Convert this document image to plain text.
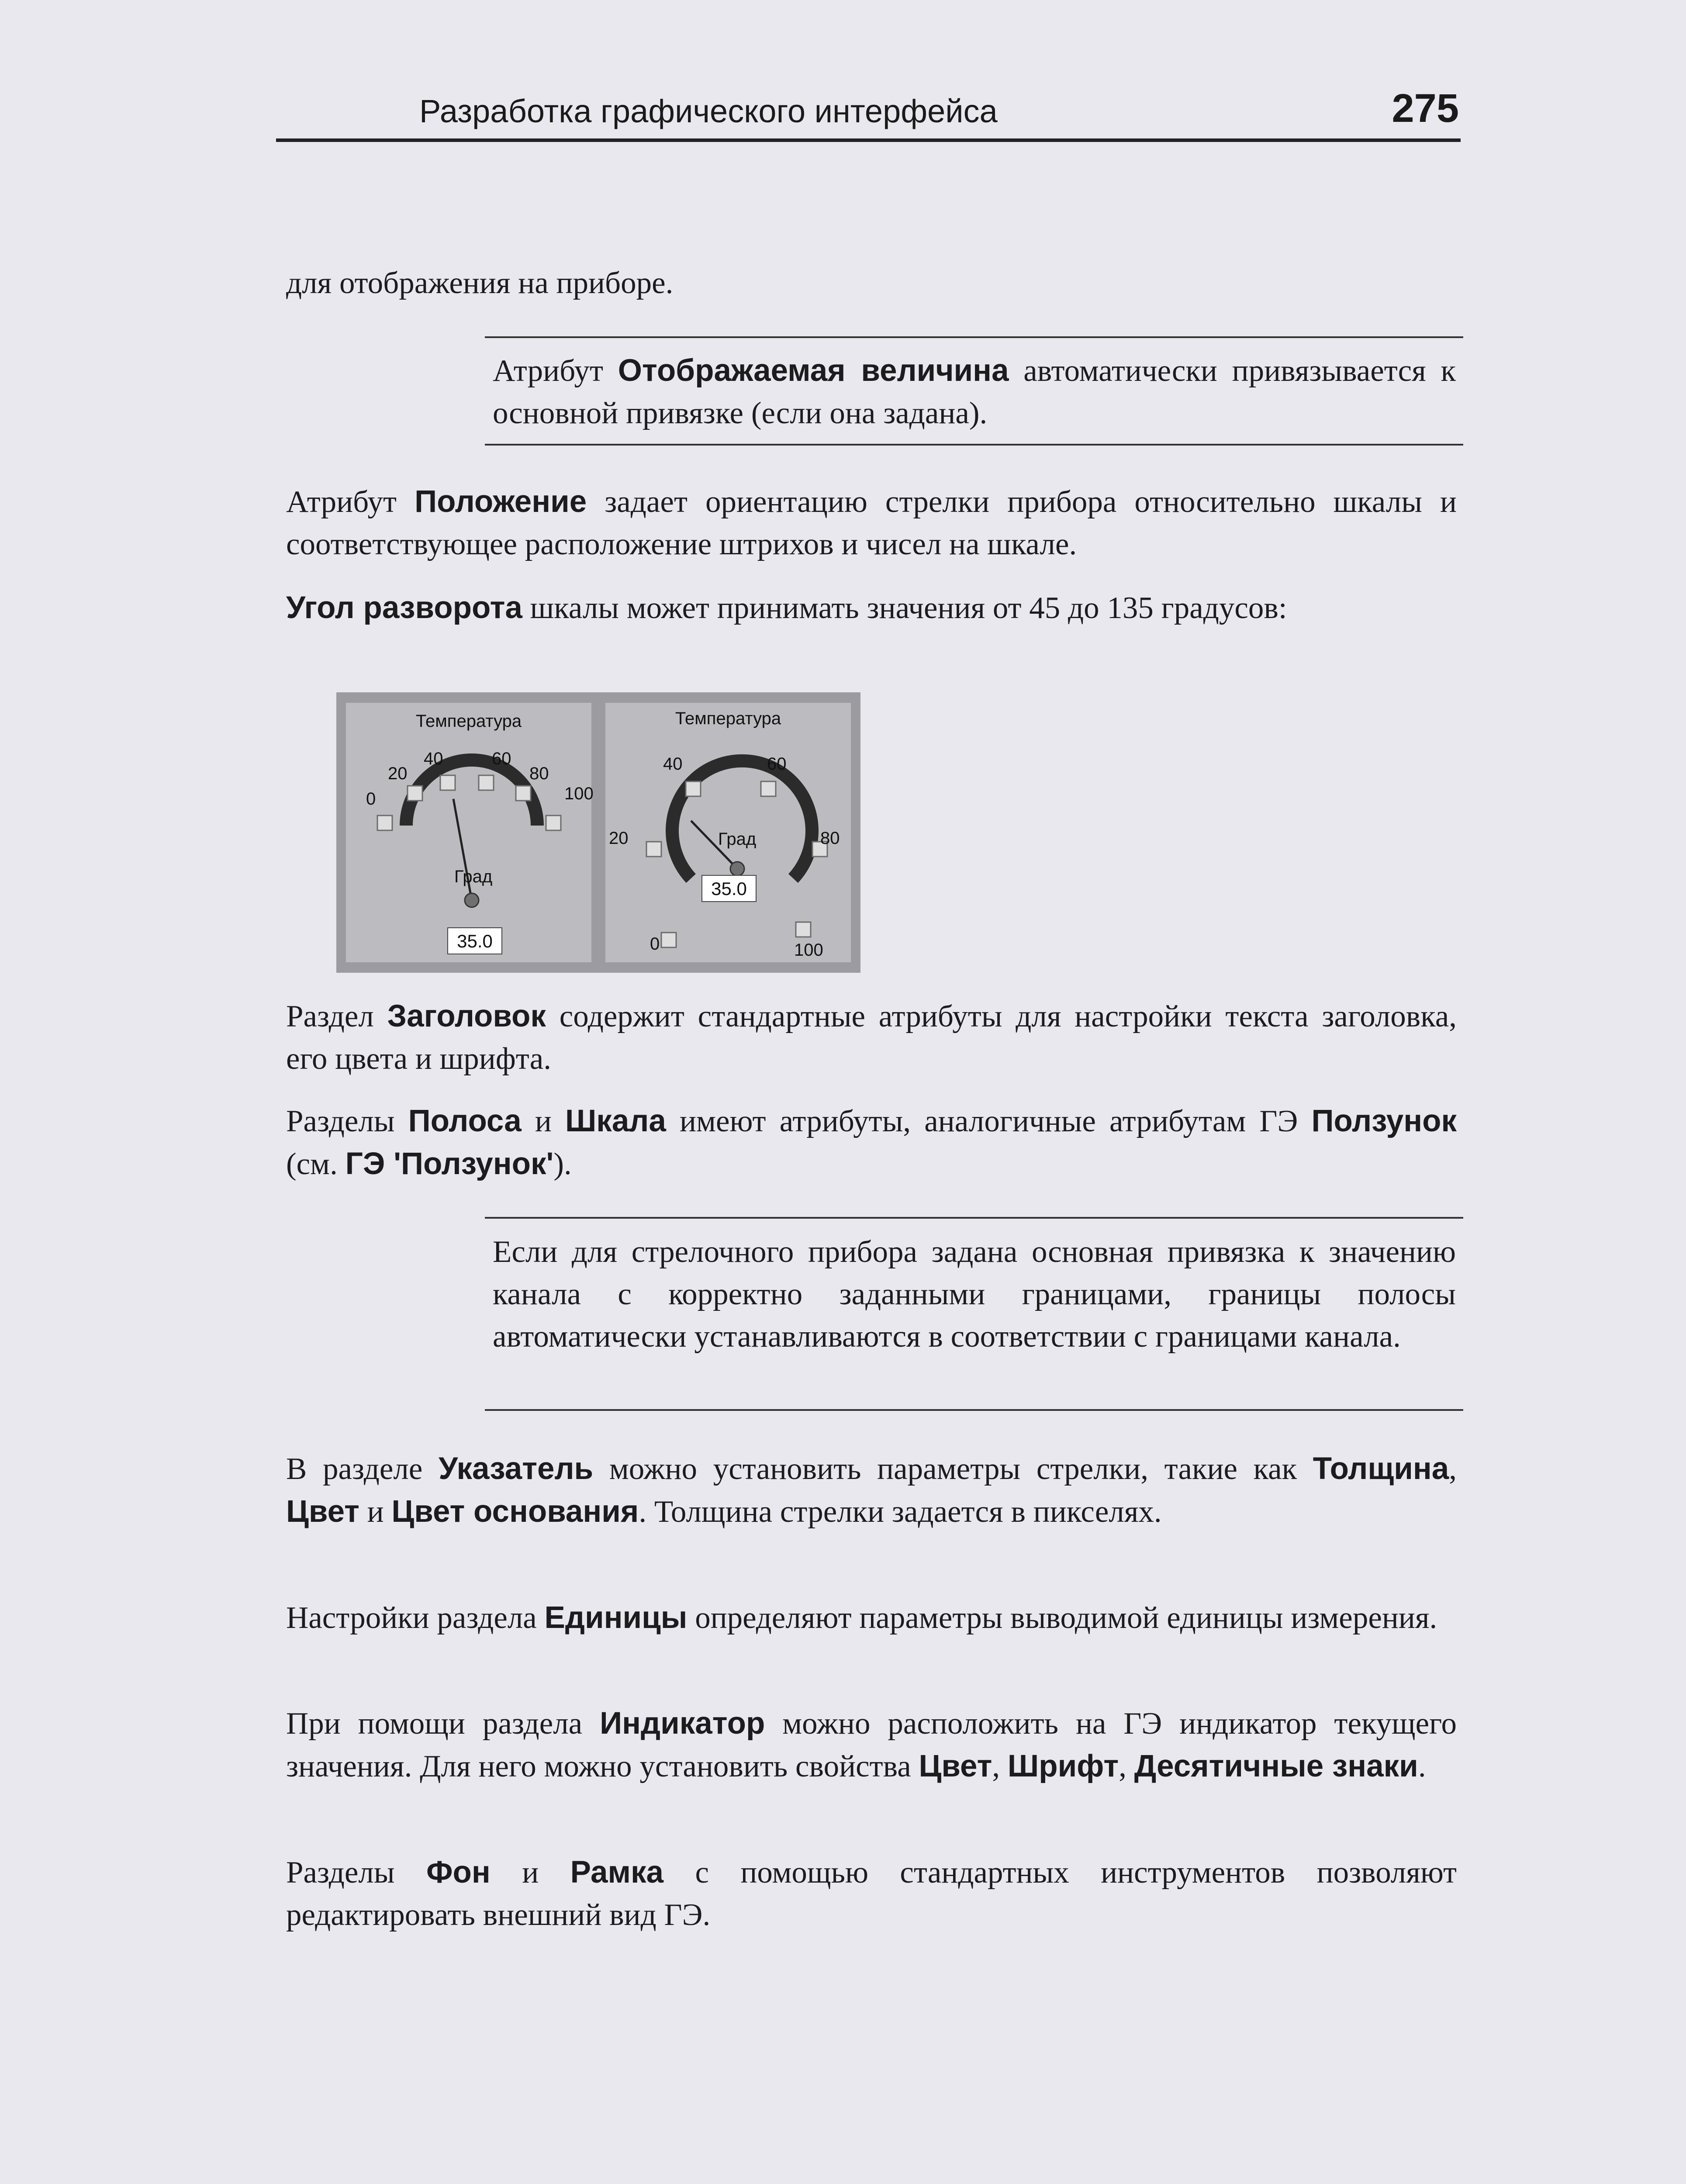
Разработка графического интерфейса	275

для отображения на приборе.

Атрибут Отображаемая величина автоматически привязывается к основной привязке (если она задана).

Атрибут Положение задает ориентацию стрелки прибора относительно шкалы и соответствующее расположение штрихов и чисел на шкале.

Угол разворота шкалы может принимать значения от 45 до 135 градусов:

Температура
0
20
40	60
80
100
Град
35.0
Температура
0
20
40	60
80
100
Град
35.0

Раздел Заголовок содержит стандартные атрибуты для настройки текста заголовка, его цвета и шрифта.

Разделы Полоса и Шкала имеют атрибуты, аналогичные атрибутам ГЭ Ползунок (см. ГЭ 'Ползунок').

Если для стрелочного прибора задана основная привязка к значению канала с корректно заданными границами, границы полосы автоматически устанавливаются в соответствии с границами канала.

В разделе Указатель можно установить параметры стрелки, такие как Толщина, Цвет и Цвет основания. Толщина стрелки задается в пикселях.

Настройки раздела Единицы определяют параметры выводимой единицы измерения.

При помощи раздела Индикатор можно расположить на ГЭ индикатор текущего значения. Для него можно установить свойства Цвет, Шрифт, Десятичные знаки.

Разделы Фон и Рамка с помощью стандартных инструментов позволяют редактировать внешний вид ГЭ.
